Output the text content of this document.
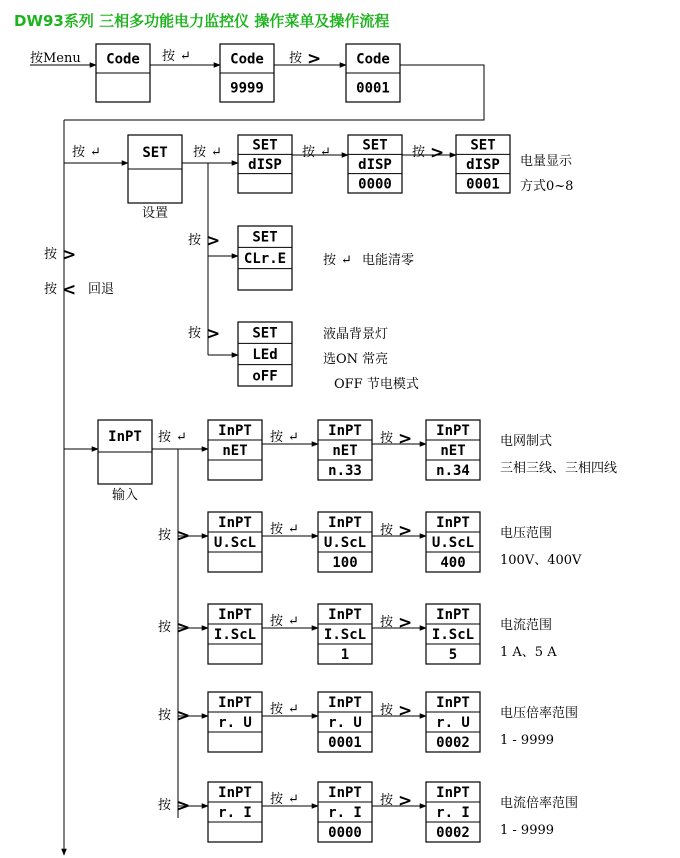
DW93系列 三相多功能电力监控仪 操作菜单及操作流程
Code	Code
9999
Code
0001
SET	SET
dISP
SET
dISP
0000
SET
dISP
0001
SET
CLr.E
SET
LEd
oFF
InPT	InPT
nET
InPT
nET
n.33
InPT
nET
n.34
InPT
U.ScL
InPT
U.ScL
100
InPT
U.ScL
400
InPT
I.ScL
InPT
I.ScL
1
InPT
I.ScL
5
InPT
r. U
InPT
r. U
0001
InPT
r. U
0002
InPT
r. I
InPT
r. I
0000
InPT
r. I
0002
按Menu	按 ↵	按 >
按 >
按 < 回退
按 ↵
设置
按 ↵	按 ↵	按 >	电量显示
方式0~8
按 >
按 ↵ 电能清零
按 >	液晶背景灯
选ON 常亮
OFF 节电模式
输入
按 ↵	按 ↵	按 >	电网制式
三相三线、三相四线
按 >	按 ↵	按 >	电压范围
100V、400V
按 >	按 ↵	按 >	电流范围
1 A、5 A
按 >	按 ↵	按 >	电压倍率范围
1 - 9999
按 >	按 ↵	按 >	电流倍率范围
1 - 9999
